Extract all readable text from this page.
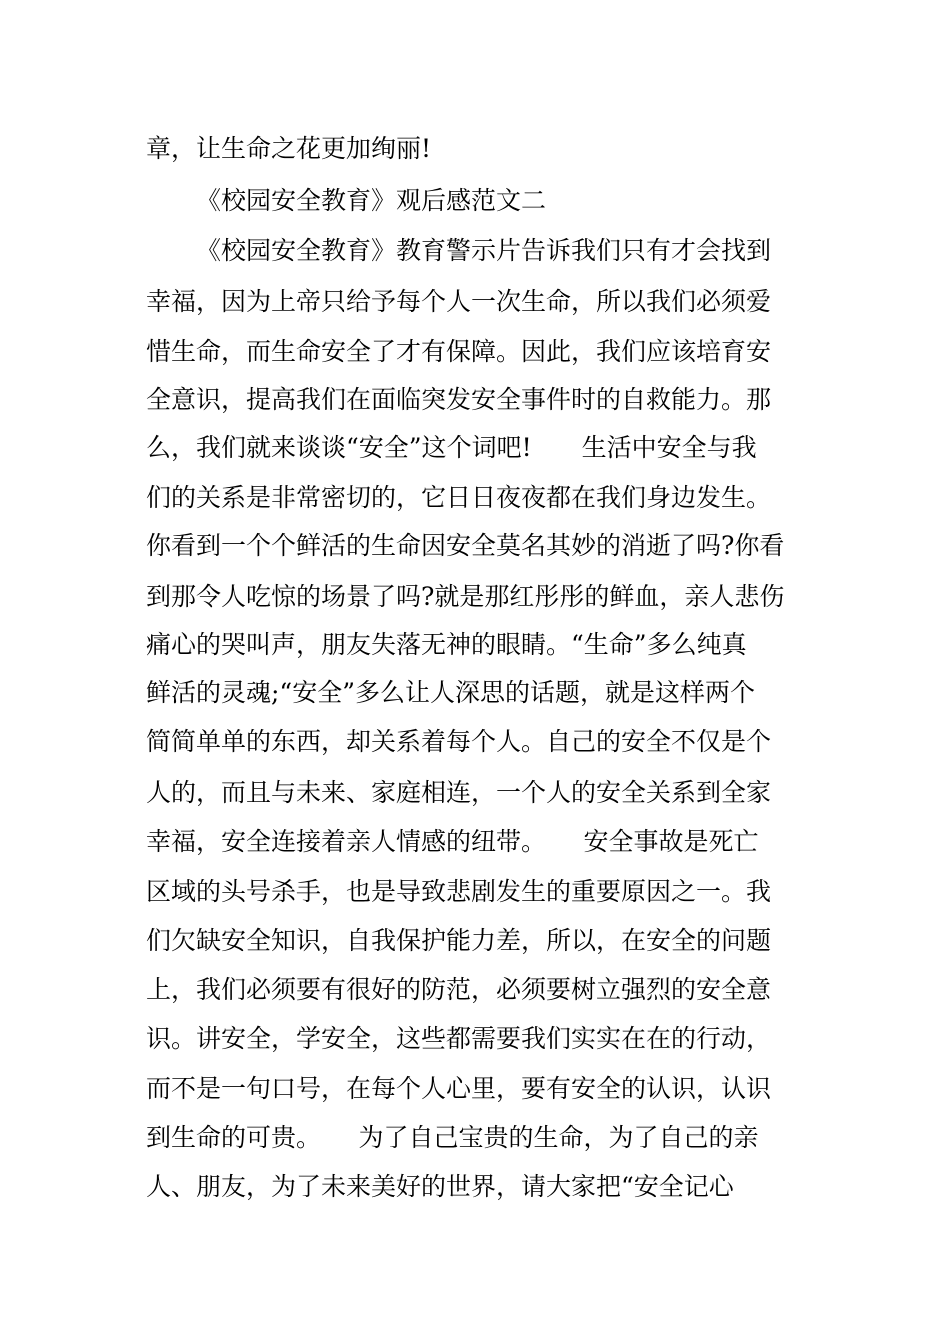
章，让生命之花更加绚丽!
《校园安全教育》观后感范文二
《校园安全教育》教育警示片告诉我们只有才会找到
幸福，因为上帝只给予每个人一次生命，所以我们必须爱
惜生命，而生命安全了才有保障。因此，我们应该培育安
全意识，提高我们在面临突发安全事件时的自救能力。那
么，我们就来谈谈“安全”这个词吧!　　生活中安全与我
们的关系是非常密切的，它日日夜夜都在我们身边发生。
你看到一个个鲜活的生命因安全莫名其妙的消逝了吗?你看
到那令人吃惊的场景了吗?就是那红彤彤的鲜血，亲人悲伤
痛心的哭叫声，朋友失落无神的眼睛。“生命”多么纯真
鲜活的灵魂;“安全”多么让人深思的话题，就是这样两个
简简单单的东西，却关系着每个人。自己的安全不仅是个
人的，而且与未来、家庭相连，一个人的安全关系到全家
幸福，安全连接着亲人情感的纽带。　　安全事故是死亡
区域的头号杀手，也是导致悲剧发生的重要原因之一。我
们欠缺安全知识，自我保护能力差，所以，在安全的问题
上，我们必须要有很好的防范，必须要树立强烈的安全意
识。讲安全，学安全，这些都需要我们实实在在的行动，
而不是一句口号，在每个人心里，要有安全的认识，认识
到生命的可贵。　　为了自己宝贵的生命，为了自己的亲
人、朋友，为了未来美好的世界，请大家把“安全记心
